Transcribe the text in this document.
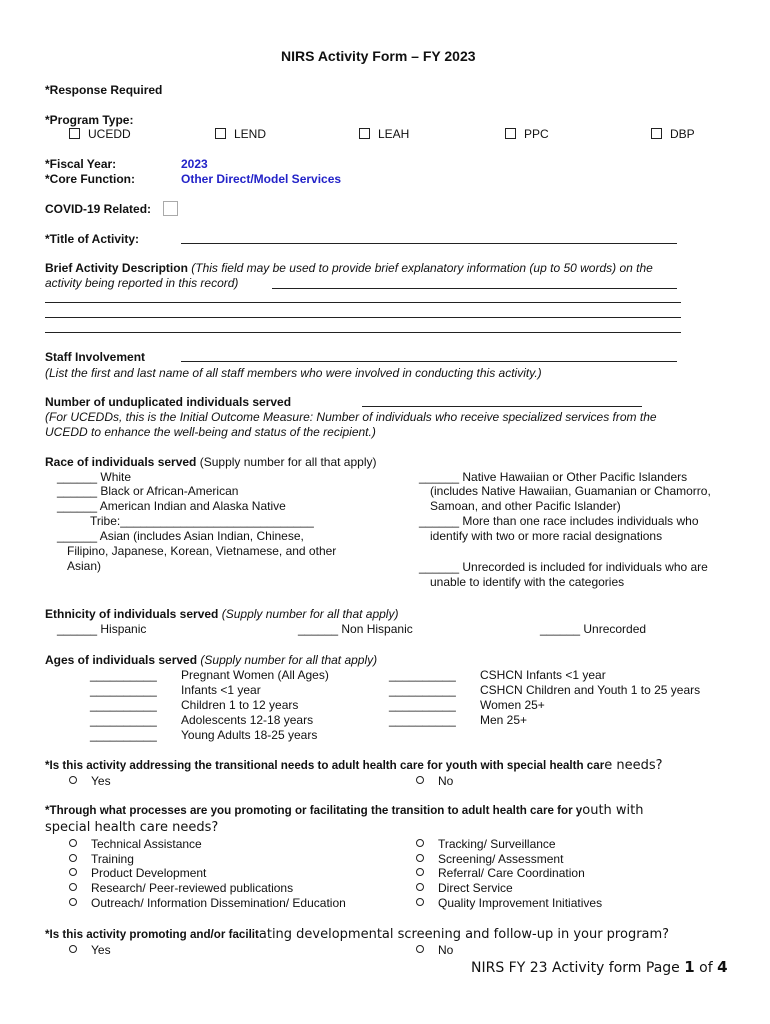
NIRS Activity Form – FY 2023
*Response Required
*Program Type:
UCEDD	LEND	LEAH	PPC	DBP
*Fiscal Year:	2023
*Core Function:	Other Direct/Model Services
COVID-19 Related:
*Title of Activity:
Brief Activity Description (This field may be used to provide brief explanatory information (up to 50 words) on the
activity being reported in this record)
Staff Involvement
(List the first and last name of all staff members who were involved in conducting this activity.)
Number of unduplicated individuals served
(For UCEDDs, this is the Initial Outcome Measure: Number of individuals who receive specialized services from the
UCEDD to enhance the well-being and status of the recipient.)
Race of individuals served (Supply number for all that apply)
______ White
______ Black or African-American
______ American Indian and Alaska Native
Tribe:_____________________________
______ Asian (includes Asian Indian, Chinese,
Filipino, Japanese, Korean, Vietnamese, and other
Asian)
______ Native Hawaiian or Other Pacific Islanders
(includes Native Hawaiian, Guamanian or Chamorro,
Samoan, and other Pacific Islander)
______ More than one race includes individuals who
identify with two or more racial designations
______ Unrecorded is included for individuals who are
unable to identify with the categories
Ethnicity of individuals served (Supply number for all that apply)
______ Hispanic	______ Non Hispanic	______ Unrecorded
Ages of individuals served (Supply number for all that apply)
__________ Pregnant Women (All Ages)
__________ Infants <1 year
__________ Children 1 to 12 years
__________ Adolescents 12-18 years
__________ Young Adults 18-25 years
__________ CSHCN Infants <1 year
__________ CSHCN Children and Youth 1 to 25 years
__________ Women 25+
__________ Men 25+
*Is this activity addressing the transitional needs to adult health care for youth with special health care needs?
Yes	No
*Through what processes are you promoting or facilitating the transition to adult health care for youth with
special health care needs?
Technical Assistance
Training
Product Development
Research/ Peer-reviewed publications
Outreach/ Information Dissemination/ Education
Tracking/ Surveillance
Screening/ Assessment
Referral/ Care Coordination
Direct Service
Quality Improvement Initiatives
*Is this activity promoting and/or facilitating developmental screening and follow-up in your program?
Yes	No
NIRS FY 23 Activity form Page 1 of 4
